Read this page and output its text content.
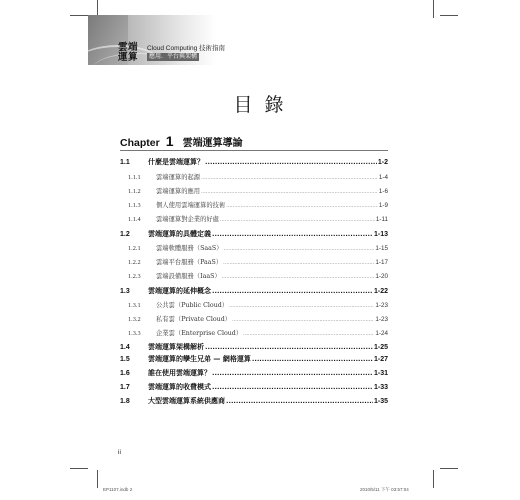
雲端
運算
Cloud Computing 技術指南
應用．平台與架構
目 錄
Chapter 1 雲端運算導論
1.1	什麼是雲端運算？ .....	1-2
1.1.1	雲端運算的起源 .....	1-4
1.1.2	雲端運算的應用 .....	1-6
1.1.3	個人使用雲端運算的技術 .....	1-9
1.1.4	雲端運算對企業的好處 .....	1-11
1.2	雲端運算的具體定義 .....	1-13
1.2.1	雲端軟體服務（SaaS） .....	1-15
1.2.2	雲端平台服務（PaaS） .....	1-17
1.2.3	雲端設備服務（IaaS） .....	1-20
1.3	雲端運算的延伸概念 .....	1-22
1.3.1	公共雲（Public Cloud） .....	1-23
1.3.2	私有雲（Private Cloud） .....	1-23
1.3.3	企業雲（Enterprise Cloud） .....	1-24
1.4	雲端運算架構解析 .....	1-25
1.5	雲端運算的孿生兄弟 — 網格運算 .....	1-27
1.6	誰在使用雲端運算？ .....	1-31
1.7	雲端運算的收費模式 .....	1-33
1.8	大型雲端運算系統供應商 .....	1-35
ii
EP1107.indb 2	2010/5/11 下午 03:57:04
